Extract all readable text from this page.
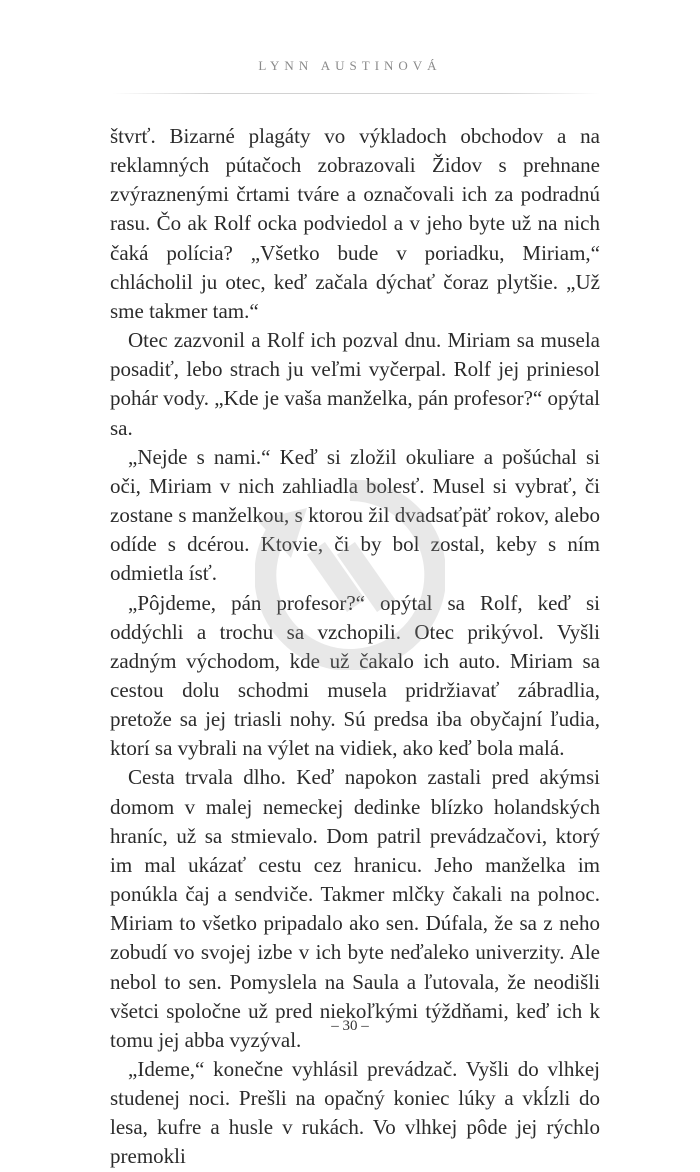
LYNN AUSTINOVÁ

štvrť. Bizarné plagáty vo výkladoch obchodov a na reklamných pútačoch zobrazovali Židov s prehnane zvýraznenými črtami tváre a označovali ich za podradnú rasu. Čo ak Rolf ocka podviedol a v jeho byte už na nich čaká polícia? „Všetko bude v poriadku, Miriam,“ chlácholil ju otec, keď začala dýchať čoraz plytšie. „Už sme takmer tam.“

Otec zazvonil a Rolf ich pozval dnu. Miriam sa musela posadiť, lebo strach ju veľmi vyčerpal. Rolf jej priniesol pohár vody. „Kde je vaša manželka, pán profesor?“ opýtal sa.

„Nejde s nami.“ Keď si zložil okuliare a pošúchal si oči, Miriam v nich zahliadla bolesť. Musel si vybrať, či zostane s manželkou, s ktorou žil dvadsaťpäť rokov, alebo odíde s dcérou. Ktovie, či by bol zostal, keby s ním odmietla ísť.

„Pôjdeme, pán profesor?“ opýtal sa Rolf, keď si oddýchli a trochu sa vzchopili. Otec prikývol. Vyšli zadným východom, kde už čakalo ich auto. Miriam sa cestou dolu schodmi musela pridržiavať zábradlia, pretože sa jej triasli nohy. Sú predsa iba obyčajní ľudia, ktorí sa vybrali na výlet na vidiek, ako keď bola malá.

Cesta trvala dlho. Keď napokon zastali pred akýmsi domom v malej nemeckej dedinke blízko holandských hraníc, už sa stmievalo. Dom patril prevádzačovi, ktorý im mal ukázať cestu cez hranicu. Jeho manželka im ponúkla čaj a sendviče. Takmer mlčky čakali na polnoc. Miriam to všetko pripadalo ako sen. Dúfala, že sa z neho zobudí vo svojej izbe v ich byte neďaleko univerzity. Ale nebol to sen. Pomyslela na Saula a ľutovala, že neodišli všetci spoločne už pred niekoľkými týždňami, keď ich k tomu jej abba vyzýval.

„Ideme,“ konečne vyhlásil prevádzač. Vyšli do vlhkej studenej noci. Prešli na opačný koniec lúky a vkĺzli do lesa, kufre a husle v rukách. Vo vlhkej pôde jej rýchlo premokli

– 30 –
